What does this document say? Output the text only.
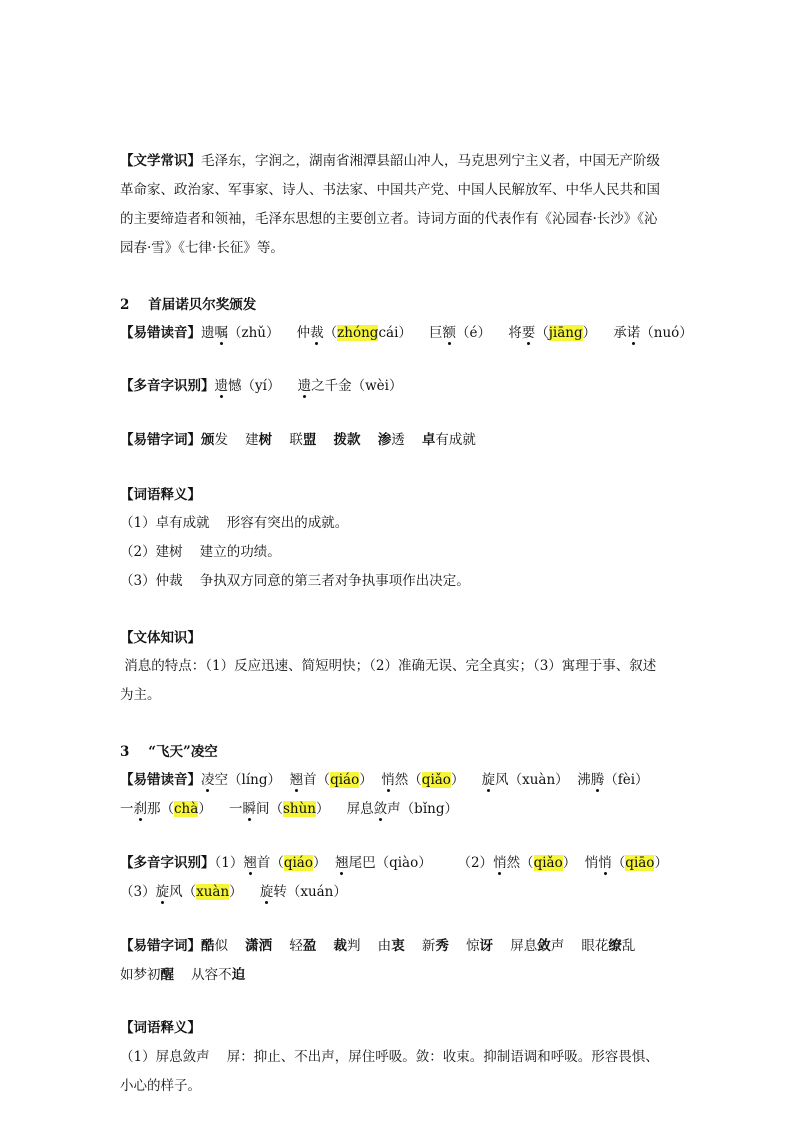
【文学常识】毛泽东，字润之，湖南省湘潭县韶山冲人，马克思列宁主义者，中国无产阶级
革命家、政治家、军事家、诗人、书法家、中国共产党、中国人民解放军、中华人民共和国
的主要缔造者和领袖，毛泽东思想的主要创立者。诗词方面的代表作有《沁园春·长沙》《沁
园春·雪》《七律·长征》等。
2    首届诺贝尔奖颁发
【易错读音】遗嘱（zhǔ）    仲裁（zhóngcái）    巨额（é）    将要（jiāng）    承诺（nuó）
【多音字识别】遗憾（yí）    遗之千金（wèi）
【易错字词】颁发    建树    联盟 拨款 渗透    卓有成就
【词语释义】
（1）卓有成就    形容有突出的成就。
（2）建树    建立的功绩。
（3）仲裁    争执双方同意的第三者对争执事项作出决定。
【文体知识】
消息的特点：（1）反应迅速、简短明快；（2）准确无误、完全真实；（3）寓理于事、叙述
为主。
3    “飞天”凌空
【易错读音】凌空（líng）  翘首（qiáo）  悄然（qiǎo）    旋风（xuàn）  沸腾（fèi）
一刹那（chà）    一瞬间（shùn）    屏息敛声（bǐng）
【多音字识别】（1）翘首（qiáo）  翘尾巴（qiào）      （2）悄然（qiǎo）  悄悄（qiāo）
（3）旋风（xuàn）    旋转（xuán）
【易错字词】酷似    潇洒    轻盈 裁判    由衷    新秀    惊讶    屏息敛声    眼花缭乱
如梦初醒    从容不迫
【词语释义】
（1）屏息敛声    屏：抑止、不出声，屏住呼吸。敛：收束。抑制语调和呼吸。形容畏惧、
小心的样子。
